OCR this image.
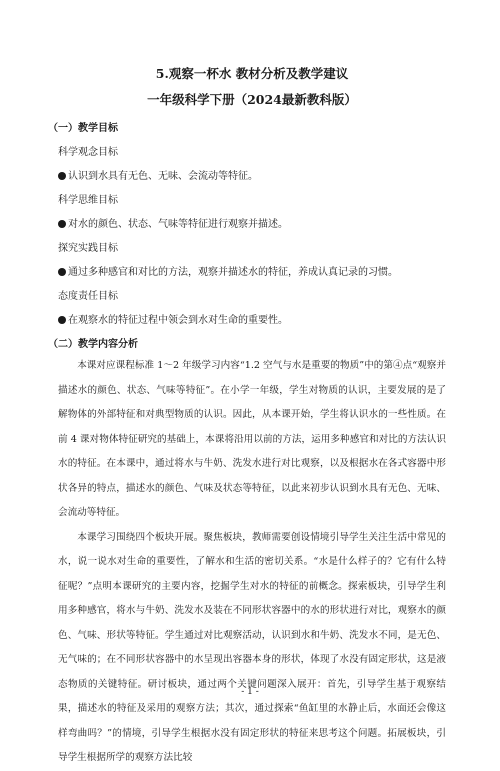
5.观察一杯水 教材分析及教学建议

一年级科学下册（2024最新教科版）

（一）教学目标

科学观念目标

认识到水具有无色、无味、会流动等特征。

科学思维目标

对水的颜色、状态、气味等特征进行观察并描述。

探究实践目标

通过多种感官和对比的方法，观察并描述水的特征，养成认真记录的习惯。

态度责任目标

在观察水的特征过程中领会到水对生命的重要性。

（二）教学内容分析

本课对应课程标准 1～2 年级学习内容“1.2 空气与水是重要的物质”中的第④点“观察并描述水的颜色、状态、气味等特征”。在小学一年级，学生对物质的认识，主要发展的是了解物体的外部特征和对典型物质的认识。因此，从本课开始，学生将认识水的一些性质。在前 4 课对物体特征研究的基础上，本课将沿用以前的方法，运用多种感官和对比的方法认识水的特征。在本课中，通过将水与牛奶、洗发水进行对比观察，以及根据水在各式容器中形状各异的特点，描述水的颜色、气味及状态等特征，以此来初步认识到水具有无色、无味、会流动等特征。

本课学习围绕四个板块开展。聚焦板块，教师需要创设情境引导学生关注生活中常见的水，说一说水对生命的重要性，了解水和生活的密切关系。“水是什么样子的？它有什么特征呢？”点明本课研究的主要内容，挖掘学生对水的特征的前概念。探索板块，引导学生利用多种感官，将水与牛奶、洗发水及装在不同形状容器中的水的形状进行对比，观察水的颜色、气味、形状等特征。学生通过对比观察活动，认识到水和牛奶、洗发水不同，是无色、无气味的；在不同形状容器中的水呈现出容器本身的形状，体现了水没有固定形状，这是液态物质的关键特征。研讨板块，通过两个关键问题深入展开：首先，引导学生基于观察结果，描述水的特征及采用的观察方法；其次，通过探索“鱼缸里的水静止后，水面还会像这样弯曲吗？”的情境，引导学生根据水没有固定形状的特征来思考这个问题。拓展板块，引导学生根据所学的观察方法比较

- 1 -
